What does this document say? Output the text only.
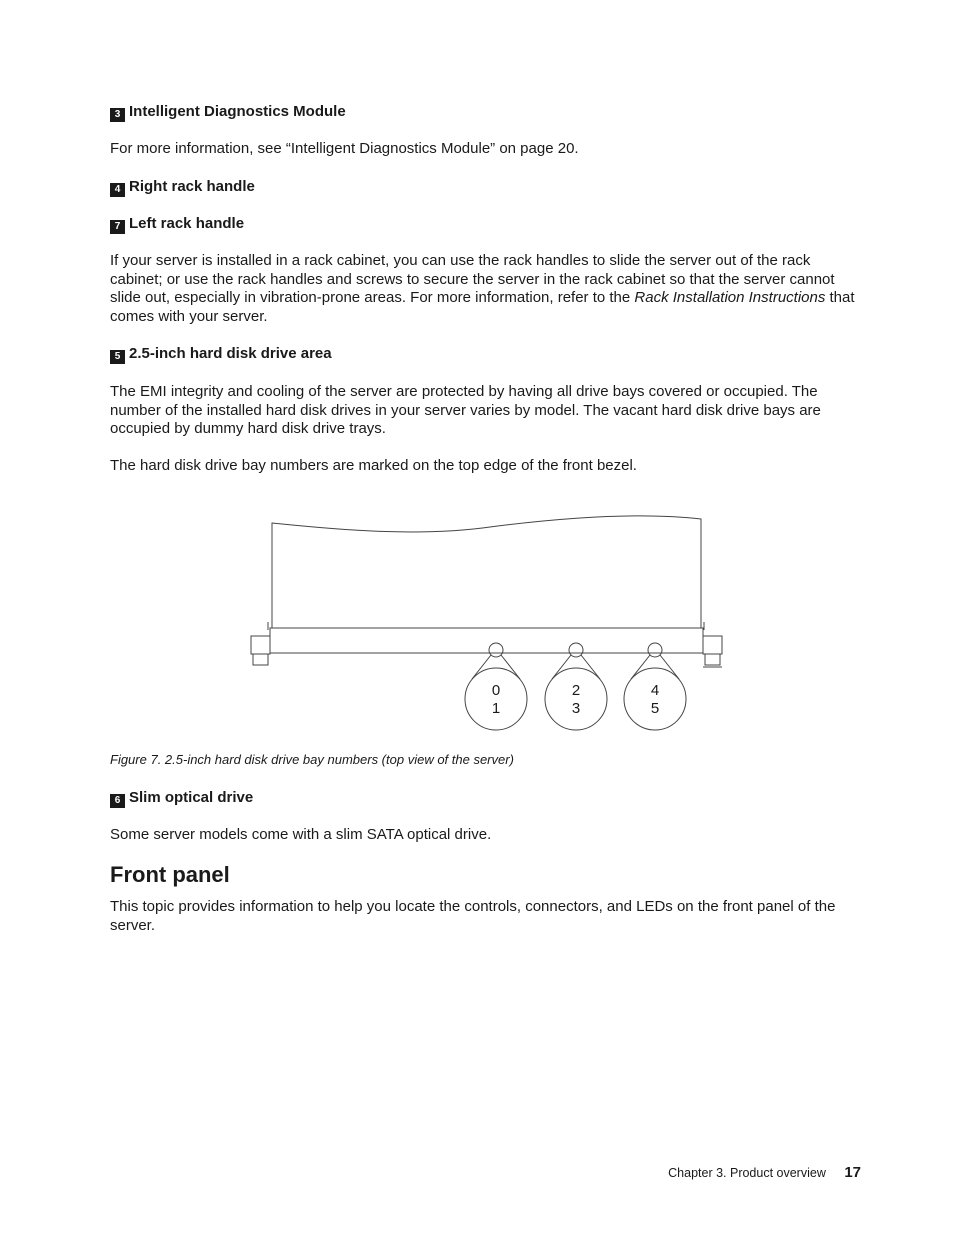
3 Intelligent Diagnostics Module

For more information, see “Intelligent Diagnostics Module” on page 20.

4 Right rack handle
7 Left rack handle

If your server is installed in a rack cabinet, you can use the rack handles to slide the server out of the rack cabinet; or use the rack handles and screws to secure the server in the rack cabinet so that the server cannot slide out, especially in vibration-prone areas. For more information, refer to the Rack Installation Instructions that comes with your server.

5 2.5-inch hard disk drive area

The EMI integrity and cooling of the server are protected by having all drive bays covered or occupied. The number of the installed hard disk drives in your server varies by model. The vacant hard disk drive bays are occupied by dummy hard disk drive trays.

The hard disk drive bay numbers are marked on the top edge of the front bezel.

0
1
2
3
4
5
Figure 7. 2.5-inch hard disk drive bay numbers (top view of the server)
6 Slim optical drive

Some server models come with a slim SATA optical drive.

Front panel

This topic provides information to help you locate the controls, connectors, and LEDs on the front panel of the server.

Chapter 3. Product overview 17
